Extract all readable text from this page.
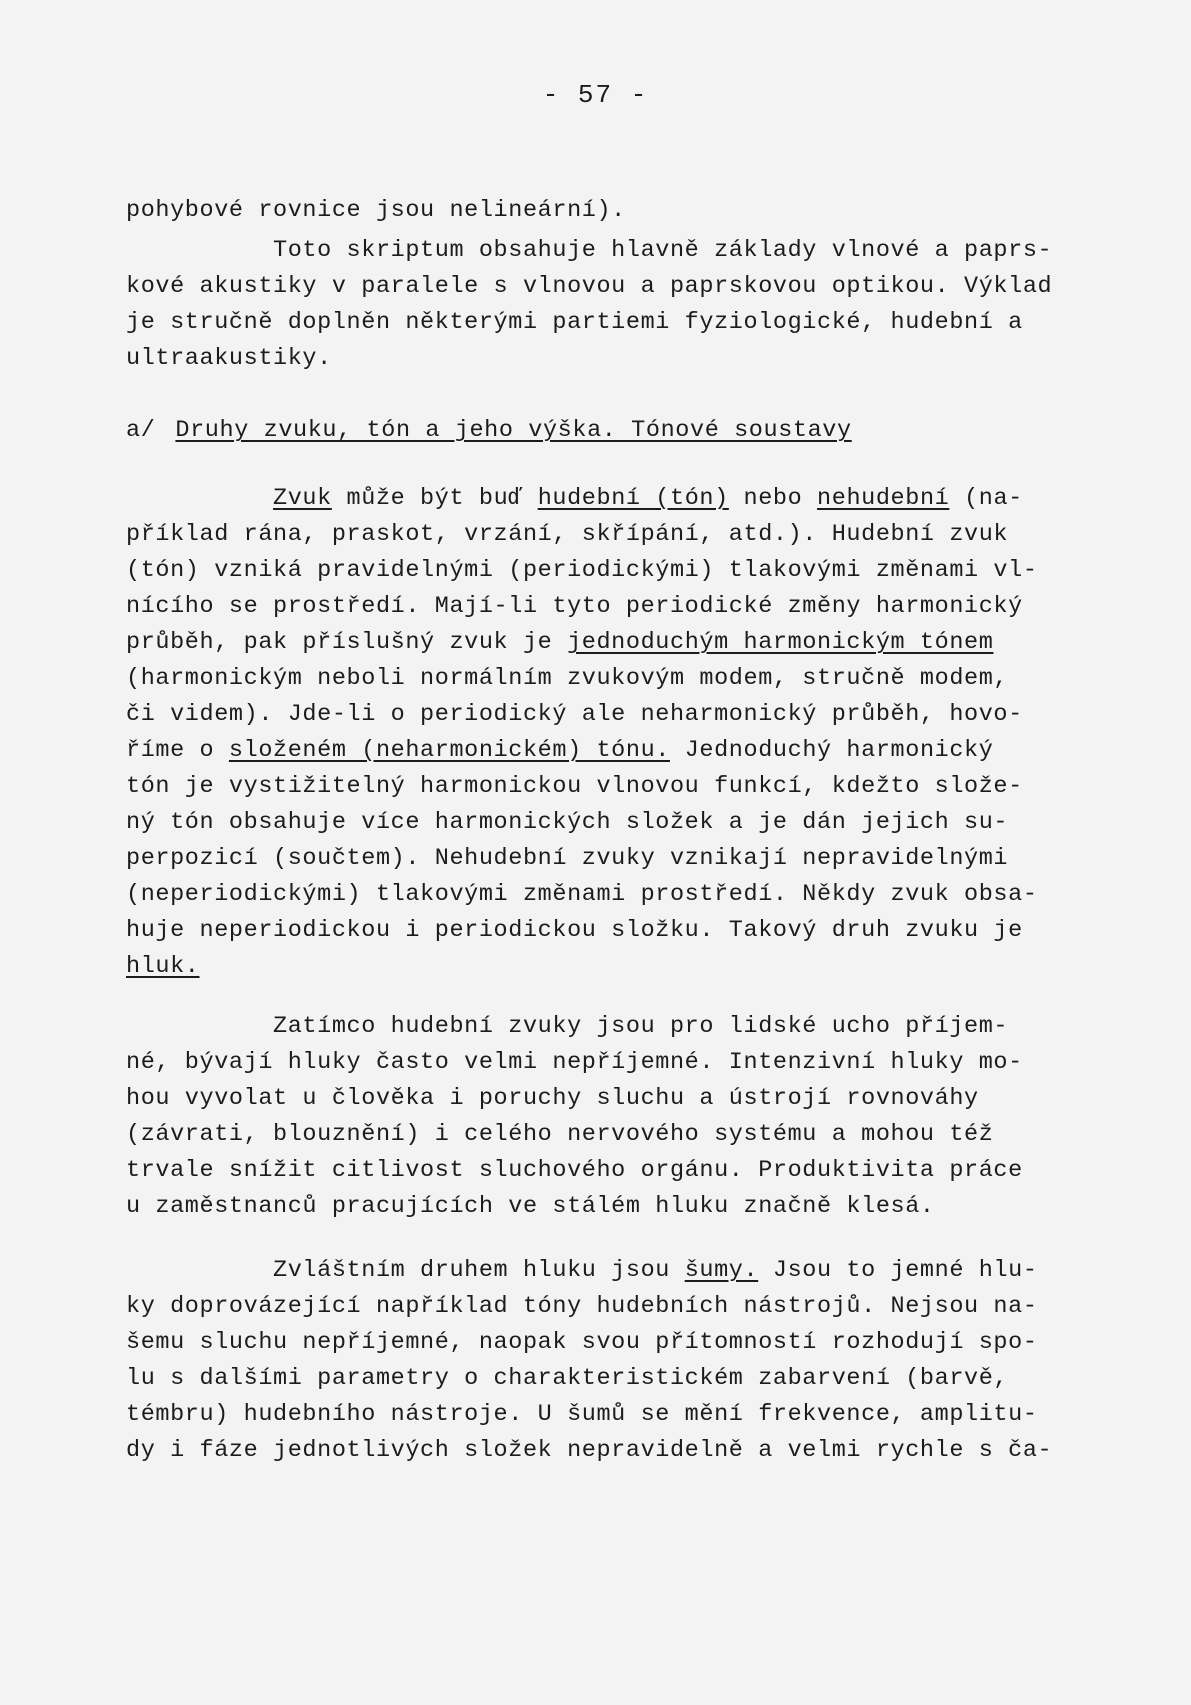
- 57 -
pohybové rovnice jsou nelineární).
Toto skriptum obsahuje hlavně základy vlnové a paprs-
kové akustiky v paralele s vlnovou a paprskovou optikou. Výklad
je stručně doplněn některými partiemi fyziologické, hudební a
ultraakustiky.
a/ Druhy zvuku, tón a jeho výška. Tónové soustavy
Zvuk může být buď hudební (tón) nebo nehudební (na-
příklad rána, praskot, vrzání, skřípání, atd.). Hudební zvuk
(tón) vzniká pravidelnými (periodickými) tlakovými změnami vl-
nícího se prostředí. Mají-li tyto periodické změny harmonický
průběh, pak příslušný zvuk je jednoduchým harmonickým tónem
(harmonickým neboli normálním zvukovým modem, stručně modem,
či videm). Jde-li o periodický ale neharmonický průběh, hovo-
říme o složeném (neharmonickém) tónu. Jednoduchý harmonický
tón je vystižitelný harmonickou vlnovou funkcí, kdežto slože-
ný tón obsahuje více harmonických složek a je dán jejich su-
perpozicí (součtem). Nehudební zvuky vznikají nepravidelnými
(neperiodickými) tlakovými změnami prostředí. Někdy zvuk obsa-
huje neperiodickou i periodickou složku. Takový druh zvuku je
hluk.
Zatímco hudební zvuky jsou pro lidské ucho příjem-
né, bývají hluky často velmi nepříjemné. Intenzivní hluky mo-
hou vyvolat u člověka i poruchy sluchu a ústrojí rovnováhy
(závrati, blouznění) i celého nervového systému a mohou též
trvale snížit citlivost sluchového orgánu. Produktivita práce
u zaměstnanců pracujících ve stálém hluku značně klesá.
Zvláštním druhem hluku jsou šumy. Jsou to jemné hlu-
ky doprovázející například tóny hudebních nástrojů. Nejsou na-
šemu sluchu nepříjemné, naopak svou přítomností rozhodují spo-
lu s dalšími parametry o charakteristickém zabarvení (barvě,
témbru) hudebního nástroje. U šumů se mění frekvence, amplitu-
dy i fáze jednotlivých složek nepravidelně a velmi rychle s ča-
